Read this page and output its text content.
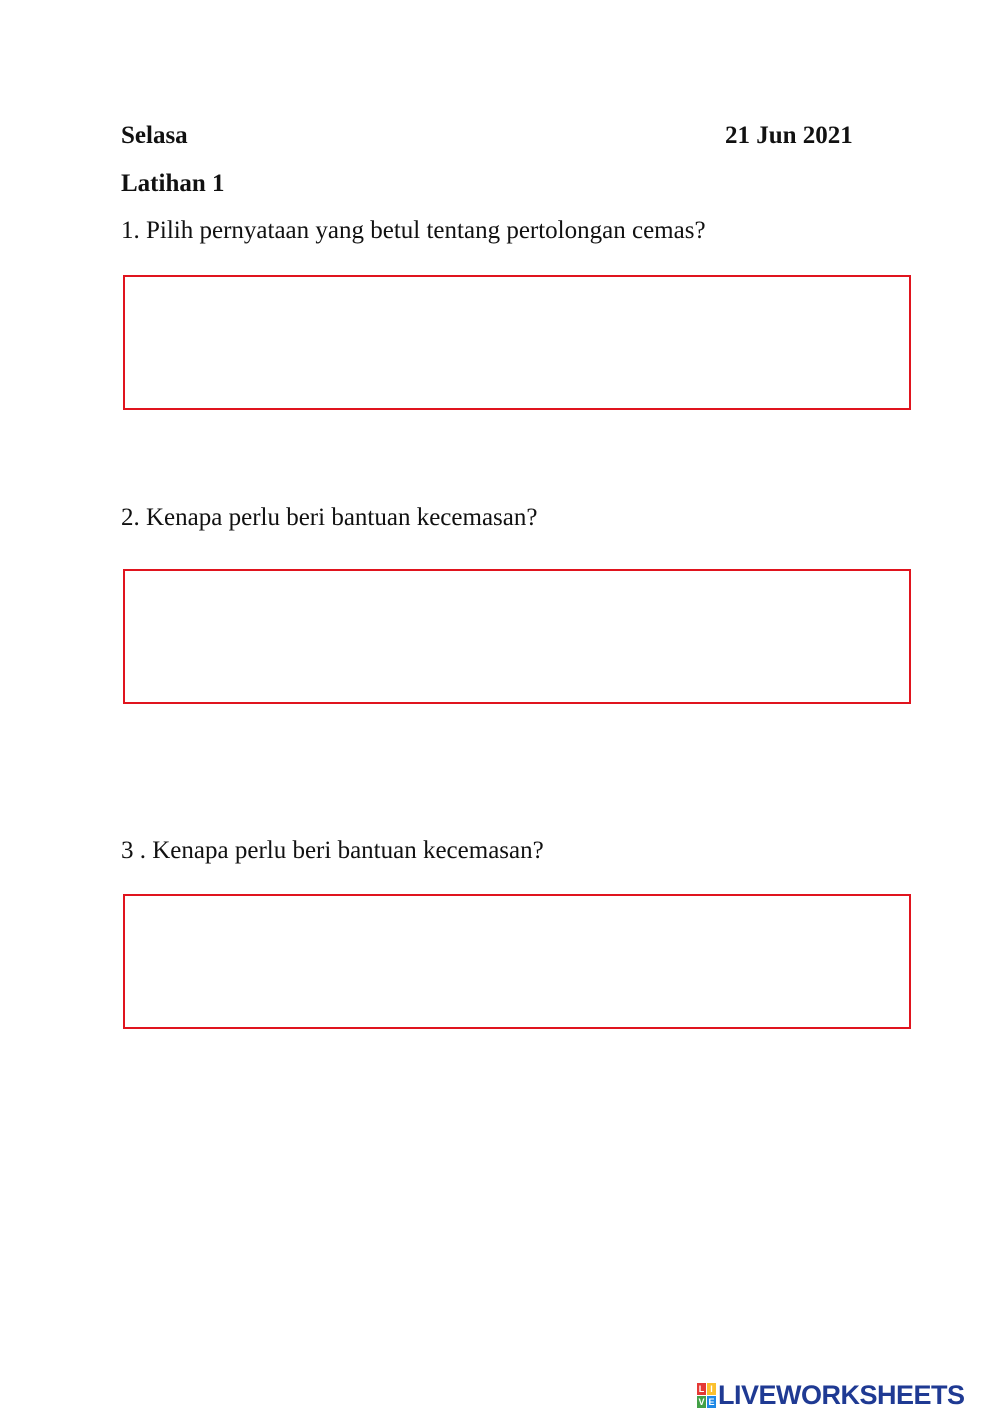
Selasa	21 Jun 2021
Latihan 1
1. Pilih pernyataan yang betul tentang pertolongan cemas?
2. Kenapa perlu beri bantuan kecemasan?
3 . Kenapa perlu beri bantuan kecemasan?
L I
V E LIVEWORKSHEETS
